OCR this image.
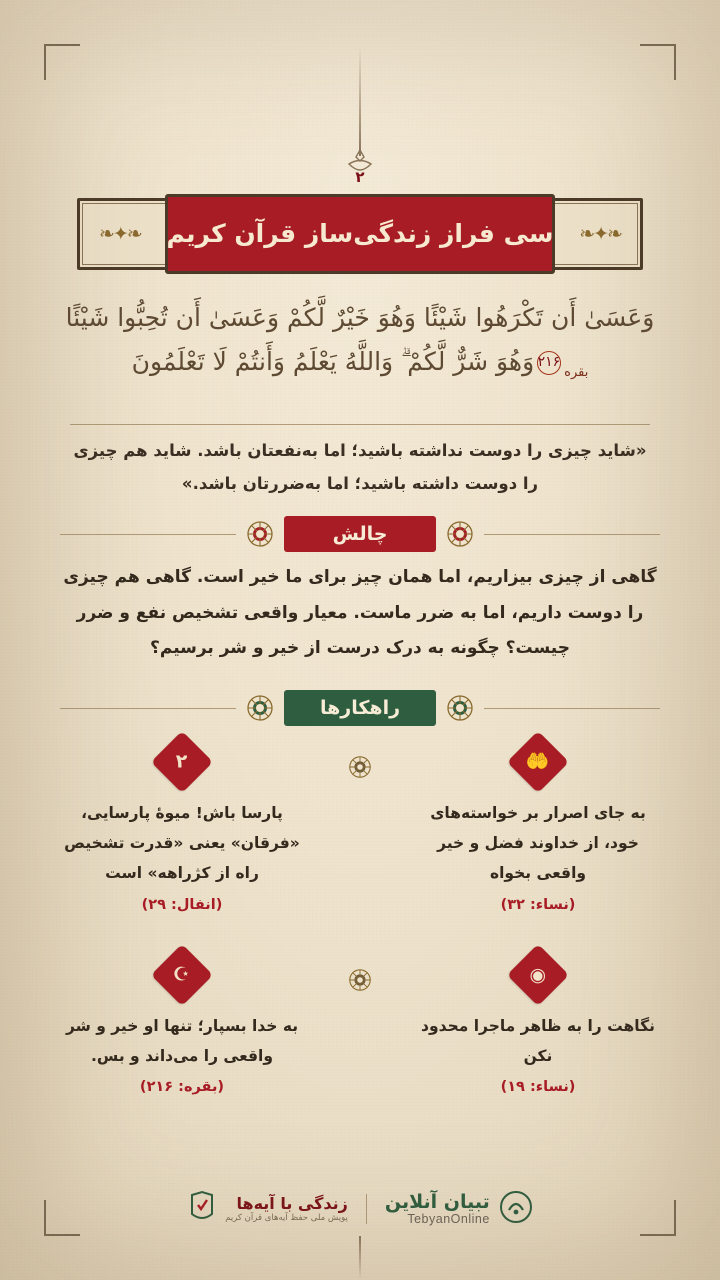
۲
❧✦❧	❧✦❧
سی فراز زندگی‌ساز قرآن کریم
وَعَسَىٰ أَن تَكْرَهُوا شَيْئًا وَهُوَ خَيْرٌ لَّكُمْ وَعَسَىٰ أَن تُحِبُّوا شَيْئًا
$_{بقره}$۲۱۶وَهُوَ شَرٌّ لَّكُمْ ۗ وَاللَّهُ يَعْلَمُ وَأَنتُمْ لَا تَعْلَمُونَ
«شاید چیزی را دوست نداشته باشید؛ اما به‌نفعتان باشد. شاید هم چیزی را دوست داشته باشید؛ اما به‌ضررتان باشد.»
چالش
گاهی از چیزی بیزاریم، اما همان چیز برای ما خیر است. گاهی هم چیزی را دوست داریم، اما به ضرر ماست. معیار واقعی تشخیص نفع و ضرر چیست؟ چگونه به درک درست از خیر و شر برسیم؟
راهکارها
🤲
به جای اصرار بر خواسته‌های خود، از خداوند فضل و خیر واقعی بخواه
(نساء: ۳۲)
۲
پارسا باش! میوهٔ پارسایی، «فرقان» یعنی «قدرت تشخیص راه از کژراهه» است
(انفال: ۲۹)
◉
نگاهت را به ظاهر ماجرا محدود نکن
(نساء: ۱۹)
☪
به خدا بسپار؛ تنها او خیر و شر واقعی را می‌داند و بس.
(بقره: ۲۱۶)
تبیان آنلاین
TebyanOnline
زندگی با آیه‌ها
پویش ملی حفظ آیه‌های قرآن کریم
